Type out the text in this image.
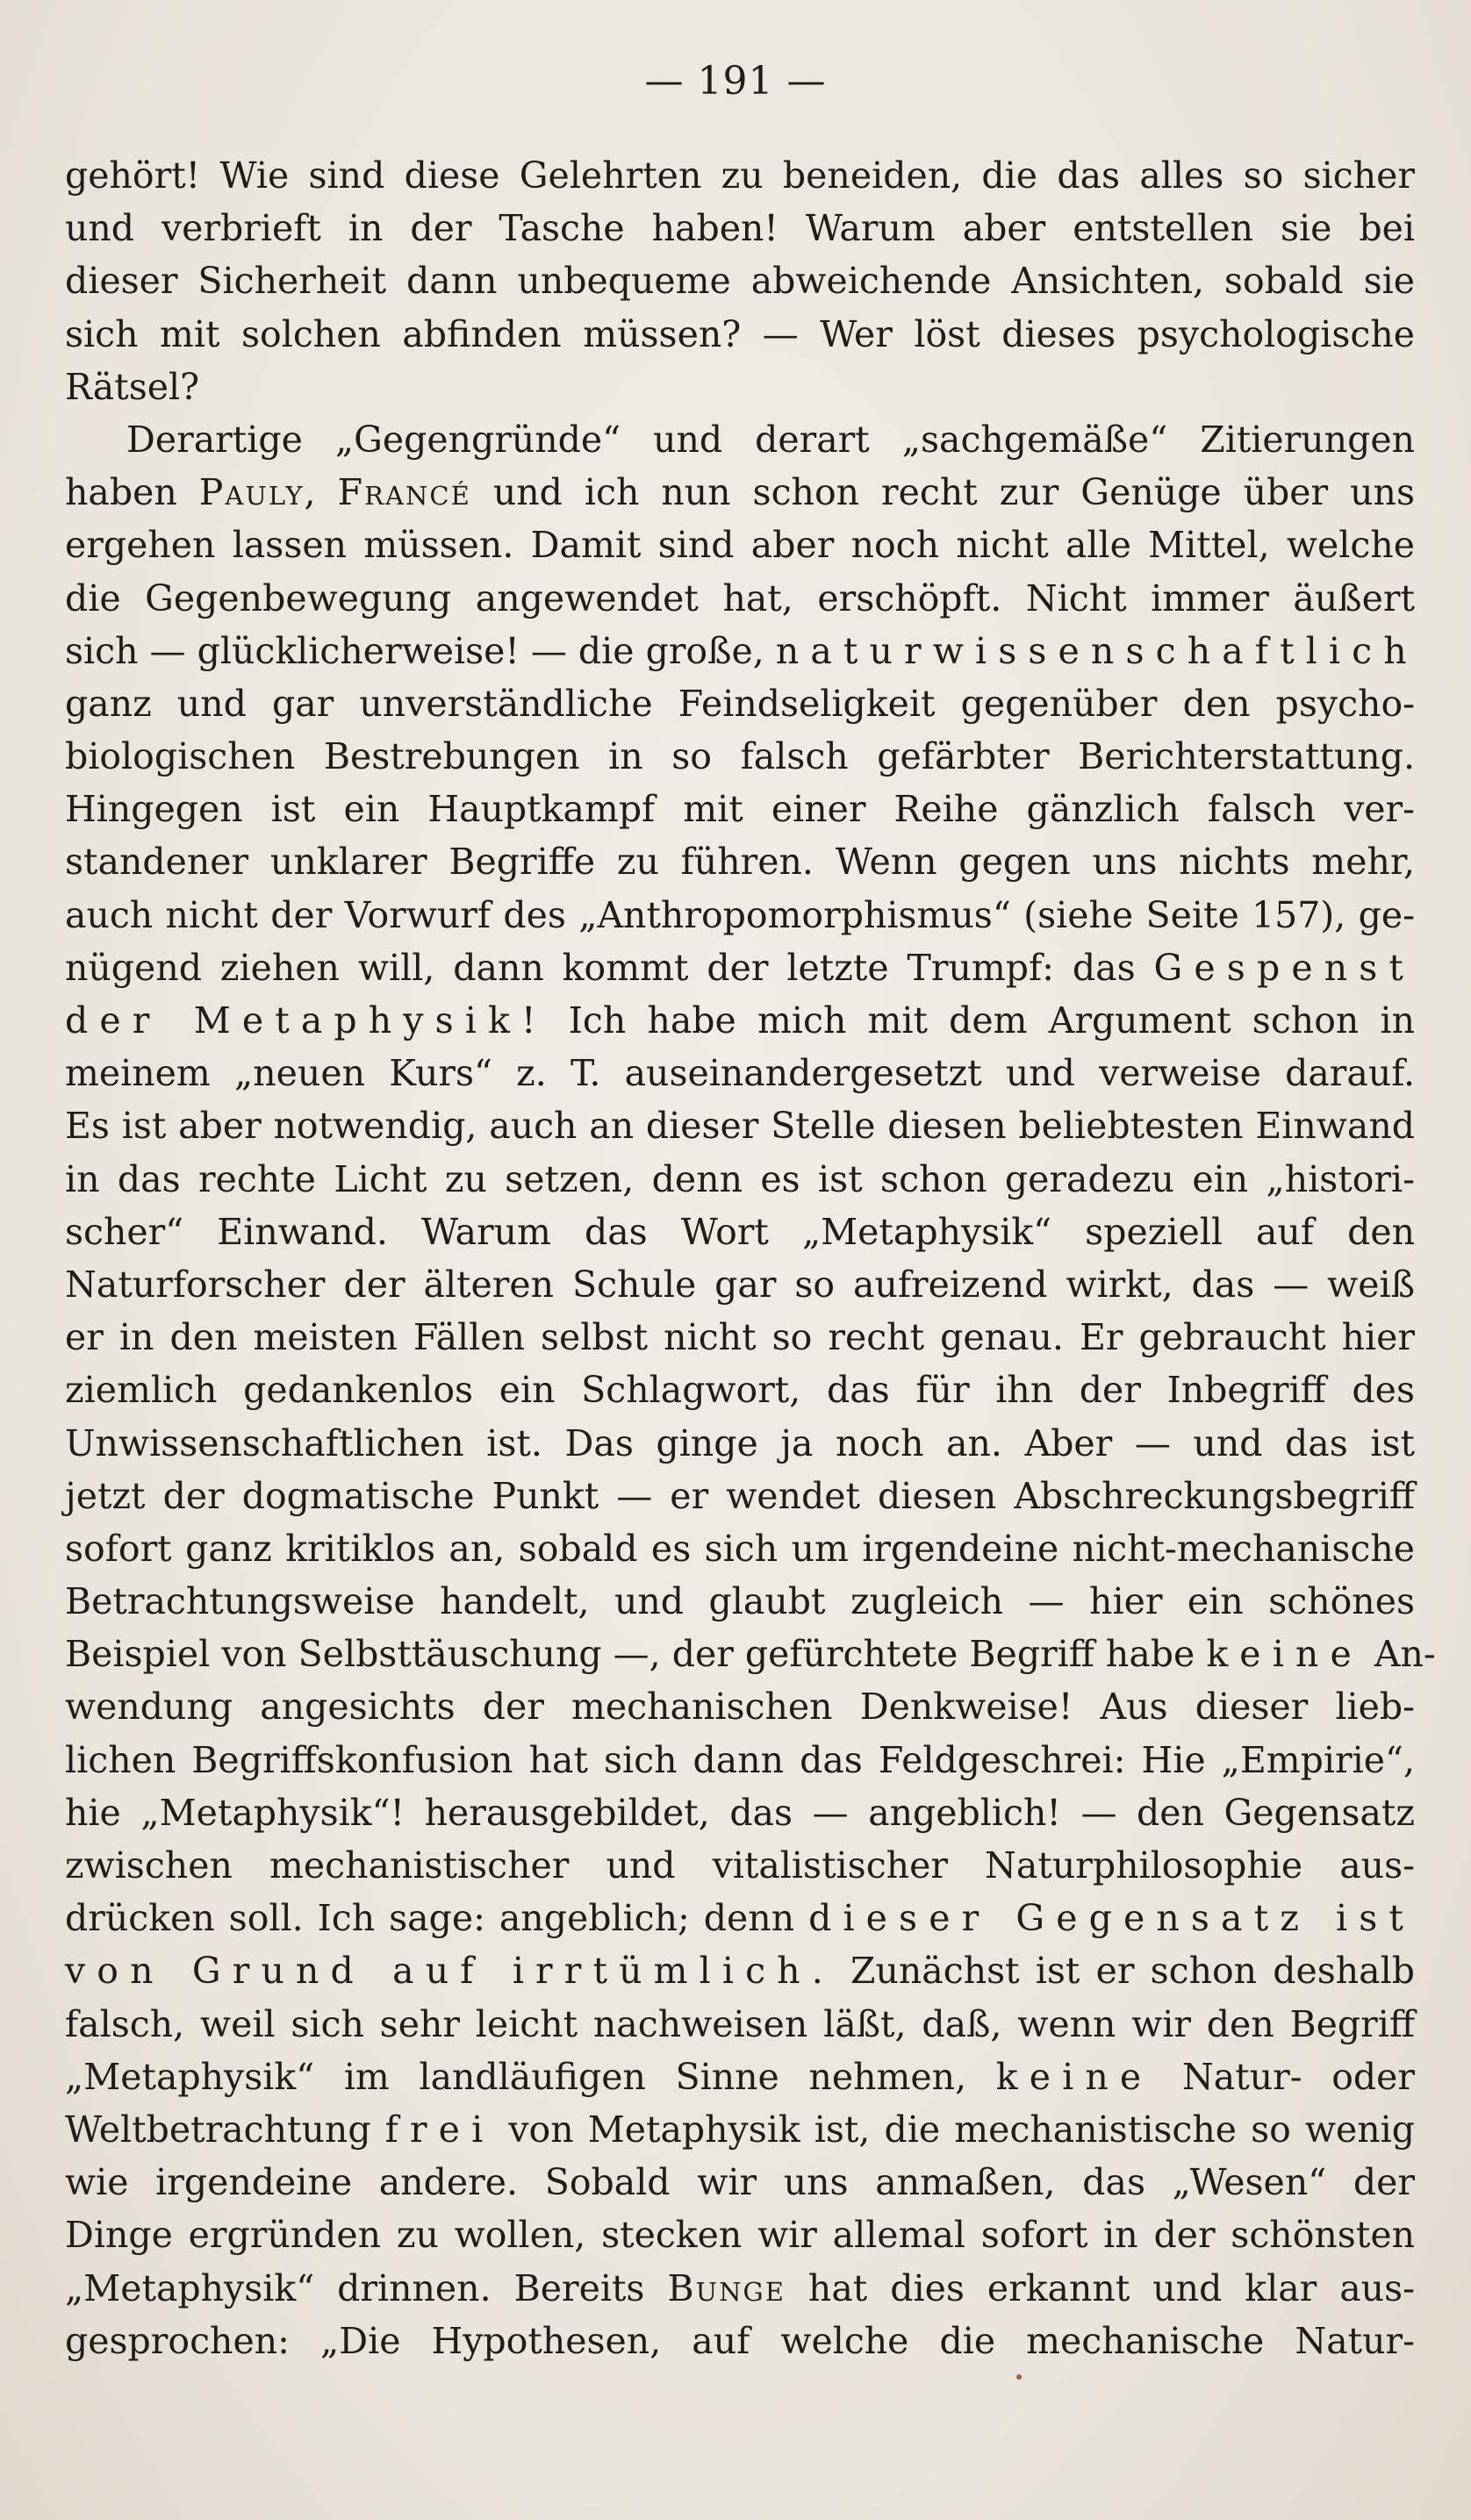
— 191 —
gehört! Wie sind diese Gelehrten zu beneiden, die das alles so sicher
und verbrieft in der Tasche haben! Warum aber entstellen sie bei
dieser Sicherheit dann unbequeme abweichende Ansichten, sobald sie
sich mit solchen abfinden müssen? — Wer löst dieses psychologische
Rätsel?
Derartige „Gegengründe“ und derart „sachgemäße“ Zitierungen
haben Pauly, Francé und ich nun schon recht zur Genüge über uns
ergehen lassen müssen. Damit sind aber noch nicht alle Mittel, welche
die Gegenbewegung angewendet hat, erschöpft. Nicht immer äußert
sich — glücklicherweise! — die große, naturwissenschaftlich
ganz und gar unverständliche Feindseligkeit gegenüber den psycho-
biologischen Bestrebungen in so falsch gefärbter Berichterstattung.
Hingegen ist ein Hauptkampf mit einer Reihe gänzlich falsch ver-
standener unklarer Begriffe zu führen. Wenn gegen uns nichts mehr,
auch nicht der Vorwurf des „Anthropomorphismus“ (siehe Seite 157), ge-
nügend ziehen will, dann kommt der letzte Trumpf: das Gespenst
der Metaphysik! Ich habe mich mit dem Argument schon in
meinem „neuen Kurs“ z. T. auseinandergesetzt und verweise darauf.
Es ist aber notwendig, auch an dieser Stelle diesen beliebtesten Einwand
in das rechte Licht zu setzen, denn es ist schon geradezu ein „histori-
scher“ Einwand. Warum das Wort „Metaphysik“ speziell auf den
Naturforscher der älteren Schule gar so aufreizend wirkt, das — weiß
er in den meisten Fällen selbst nicht so recht genau. Er gebraucht hier
ziemlich gedankenlos ein Schlagwort, das für ihn der Inbegriff des
Unwissenschaftlichen ist. Das ginge ja noch an. Aber — und das ist
jetzt der dogmatische Punkt — er wendet diesen Abschreckungsbegriff
sofort ganz kritiklos an, sobald es sich um irgendeine nicht-mechanische
Betrachtungsweise handelt, und glaubt zugleich — hier ein schönes
Beispiel von Selbsttäuschung —, der gefürchtete Begriff habe keine An-
wendung angesichts der mechanischen Denkweise! Aus dieser lieb-
lichen Begriffskonfusion hat sich dann das Feldgeschrei: Hie „Empirie“,
hie „Metaphysik“! herausgebildet, das — angeblich! — den Gegensatz
zwischen mechanistischer und vitalistischer Naturphilosophie aus-
drücken soll. Ich sage: angeblich; denn dieser Gegensatz ist
von Grund auf irrtümlich. Zunächst ist er schon deshalb
falsch, weil sich sehr leicht nachweisen läßt, daß, wenn wir den Begriff
„Metaphysik“ im landläufigen Sinne nehmen, keine Natur- oder
Weltbetrachtung frei von Metaphysik ist, die mechanistische so wenig
wie irgendeine andere. Sobald wir uns anmaßen, das „Wesen“ der
Dinge ergründen zu wollen, stecken wir allemal sofort in der schönsten
„Metaphysik“ drinnen. Bereits Bunge hat dies erkannt und klar aus-
gesprochen: „Die Hypothesen, auf welche die mechanische Natur-
